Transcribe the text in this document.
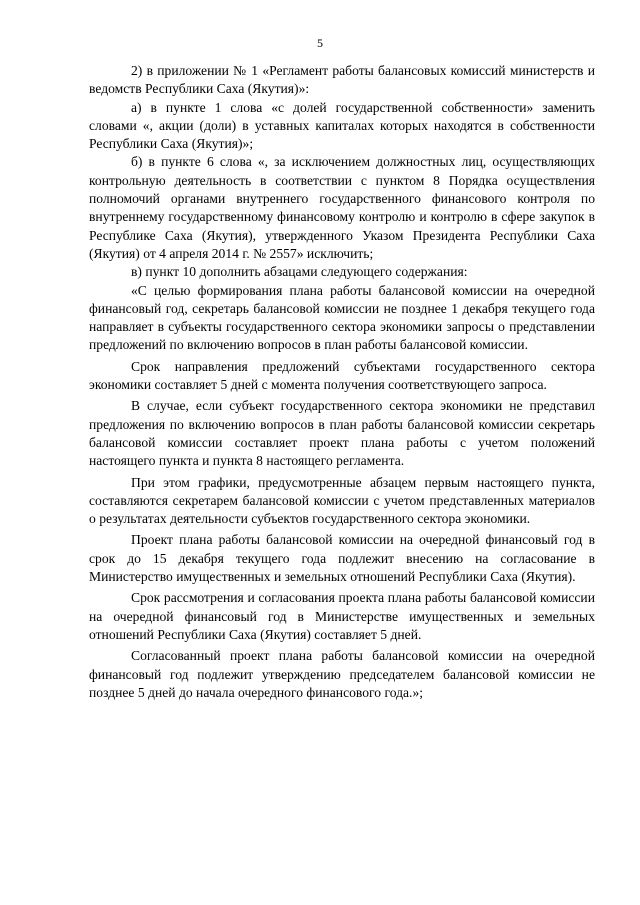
5

2) в приложении № 1 «Регламент работы балансовых комиссий министерств и ведомств Республики Саха (Якутия)»:

а) в пункте 1 слова «с долей государственной собственности» заменить словами «, акции (доли) в уставных капиталах которых находятся в собственности Республики Саха (Якутия)»;

б) в пункте 6 слова «, за исключением должностных лиц, осуществляющих контрольную деятельность в соответствии с пунктом 8 Порядка осуществления полномочий органами внутреннего государственного финансового контроля по внутреннему государственному финансовому контролю и контролю в сфере закупок в Республике Саха (Якутия), утвержденного Указом Президента Республики Саха (Якутия) от 4 апреля 2014 г. № 2557» исключить;

в) пункт 10 дополнить абзацами следующего содержания:

«С целью формирования плана работы балансовой комиссии на очередной финансовый год, секретарь балансовой комиссии не позднее 1 декабря текущего года направляет в субъекты государственного сектора экономики запросы о представлении предложений по включению вопросов в план работы балансовой комиссии.

Срок направления предложений субъектами государственного сектора экономики составляет 5 дней с момента получения соответствующего запроса.

В случае, если субъект государственного сектора экономики не представил предложения по включению вопросов в план работы балансовой комиссии секретарь балансовой комиссии составляет проект плана работы с учетом положений настоящего пункта и пункта 8 настоящего регламента.

При этом графики, предусмотренные абзацем первым настоящего пункта, составляются секретарем балансовой комиссии с учетом представленных материалов о результатах деятельности субъектов государственного сектора экономики.

Проект плана работы балансовой комиссии на очередной финансовый год в срок до 15 декабря текущего года подлежит внесению на согласование в Министерство имущественных и земельных отношений Республики Саха (Якутия).

Срок рассмотрения и согласования проекта плана работы балансовой комиссии на очередной финансовый год в Министерстве имущественных и земельных отношений Республики Саха (Якутия) составляет 5 дней.

Согласованный проект плана работы балансовой комиссии на очередной финансовый год подлежит утверждению председателем балансовой комиссии не позднее 5 дней до начала очередного финансового года.»;
